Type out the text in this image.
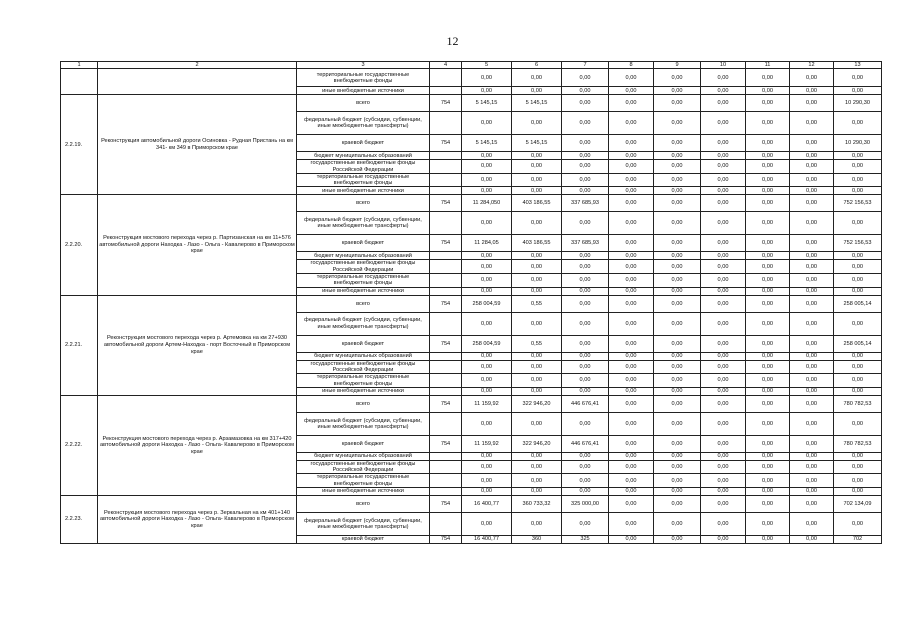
12
1	2	3	4	5	6	7	8	9	10	11	12	13
		территориальные государственные внебюджетные фонды		0,00	0,00	0,00	0,00	0,00	0,00	0,00	0,00	0,00
		иные внебюджетные источники		0,00	0,00	0,00	0,00	0,00	0,00	0,00	0,00	0,00
2.2.19.	Реконструкция автомобильной дороги Осиновка - Рудная Пристань на км 341- км 349 в Приморском крае	всего	754	5 145,15	5 145,15	0,00	0,00	0,00	0,00	0,00	0,00	10 290,30
		федеральный бюджет (субсидии, субвенции, иные межбюджетные трансферты)		0,00	0,00	0,00	0,00	0,00	0,00	0,00	0,00	0,00
		краевой бюджет	754	5 145,15	5 145,15	0,00	0,00	0,00	0,00	0,00	0,00	10 290,30
		бюджет муниципальных образований		0,00	0,00	0,00	0,00	0,00	0,00	0,00	0,00	0,00
		государственные внебюджетные фонды Российской Федерации		0,00	0,00	0,00	0,00	0,00	0,00	0,00	0,00	0,00
		территориальные государственные внебюджетные фонды		0,00	0,00	0,00	0,00	0,00	0,00	0,00	0,00	0,00
		иные внебюджетные источники		0,00	0,00	0,00	0,00	0,00	0,00	0,00	0,00	0,00
2.2.20.	Реконструкция мостового перехода через р. Партизанская на км 11+576 автомобильной дороги Находка - Лазо - Ольга - Кавалерово в Приморском крае	всего	754	11 284,050	403 186,55	337 685,93	0,00	0,00	0,00	0,00	0,00	752 156,53
		федеральный бюджет (субсидии, субвенции, иные межбюджетные трансферты)		0,00	0,00	0,00	0,00	0,00	0,00	0,00	0,00	0,00
		краевой бюджет	754	11 284,05	403 186,55	337 685,93	0,00	0,00	0,00	0,00	0,00	752 156,53
		бюджет муниципальных образований		0,00	0,00	0,00	0,00	0,00	0,00	0,00	0,00	0,00
		государственные внебюджетные фонды Российской Федерации		0,00	0,00	0,00	0,00	0,00	0,00	0,00	0,00	0,00
		территориальные государственные внебюджетные фонды		0,00	0,00	0,00	0,00	0,00	0,00	0,00	0,00	0,00
		иные внебюджетные источники		0,00	0,00	0,00	0,00	0,00	0,00	0,00	0,00	0,00
2.2.21.	Реконструкция мостового перехода через р. Артемовка на км 27+930 автомобильной дороги Артем-Находка - порт Восточный в Приморском крае	всего	754	258 004,59	0,55	0,00	0,00	0,00	0,00	0,00	0,00	258 005,14
		федеральный бюджет (субсидии, субвенции, иные межбюджетные трансферты)		0,00	0,00	0,00	0,00	0,00	0,00	0,00	0,00	0,00
		краевой бюджет	754	258 004,59	0,55	0,00	0,00	0,00	0,00	0,00	0,00	258 005,14
		бюджет муниципальных образований		0,00	0,00	0,00	0,00	0,00	0,00	0,00	0,00	0,00
		государственные внебюджетные фонды Российской Федерации		0,00	0,00	0,00	0,00	0,00	0,00	0,00	0,00	0,00
		территориальные государственные внебюджетные фонды		0,00	0,00	0,00	0,00	0,00	0,00	0,00	0,00	0,00
		иные внебюджетные источники		0,00	0,00	0,00	0,00	0,00	0,00	0,00	0,00	0,00
2.2.22.	Реконструкция мостового перехода через р. Арзамазовка на км 317+420 автомобильной дороги Находка - Лазо - Ольга- Кавалерово в Приморском крае	всего	754	11 159,92	322 946,20	446 676,41	0,00	0,00	0,00	0,00	0,00	780 782,53
		федеральный бюджет (субсидии, субвенции, иные межбюджетные трансферты)		0,00	0,00	0,00	0,00	0,00	0,00	0,00	0,00	0,00
		краевой бюджет	754	11 159,92	322 946,20	446 676,41	0,00	0,00	0,00	0,00	0,00	780 782,53
		бюджет муниципальных образований		0,00	0,00	0,00	0,00	0,00	0,00	0,00	0,00	0,00
		государственные внебюджетные фонды Российской Федерации		0,00	0,00	0,00	0,00	0,00	0,00	0,00	0,00	0,00
		территориальные государственные внебюджетные фонды		0,00	0,00	0,00	0,00	0,00	0,00	0,00	0,00	0,00
		иные внебюджетные источники		0,00	0,00	0,00	0,00	0,00	0,00	0,00	0,00	0,00
2.2.23.	Реконструкция мостового перехода через р. Зеркальная на км 401+140 автомобильной дороги Находка - Лазо - Ольга- Кавалерово в Приморском крае	всего	754	16 400,77	360 733,32	325 000,00	0,00	0,00	0,00	0,00	0,00	702 134,09
		федеральный бюджет (субсидии, субвенции, иные межбюджетные трансферты)		0,00	0,00	0,00	0,00	0,00	0,00	0,00	0,00	0,00
		краевой бюджет	754	16 400,77	360	325	0,00	0,00	0,00	0,00	0,00	702
